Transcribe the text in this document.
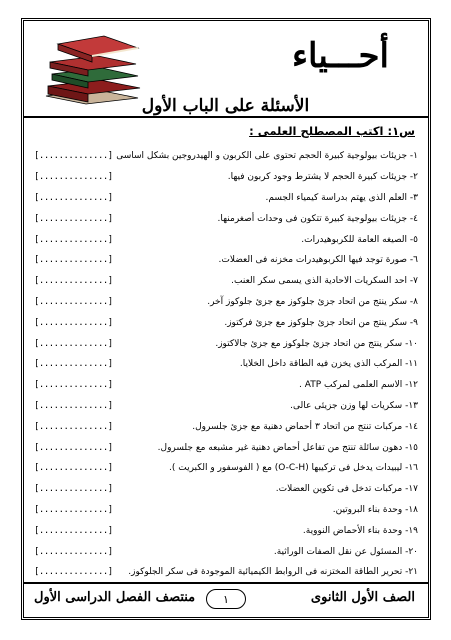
أحـــياء
الأسئلة على الباب الأول
س١: اكتب المصطلح العلمى :
١- جزيئات بيولوجية كبيرة الحجم تحتوى على الكربون و الهيدروجين بشكل اساسى
[..............]
٢- جزيئات كبيرة الحجم لا يشترط وجود كربون فيها.
[..............]
٣- العلم الذى يهتم بدراسة كيمياء الجسم.
[..............]
٤- جزيئات بيولوجية كبيرة تتكون فى وحدات أصغرمنها.
[..............]
٥- الصيغه العامة للكربوهيدرات.
[..............]
٦- صورة توجد فيها الكربوهيدرات مخزنه فى العضلات.
[..............]
٧- احد السكريات الاحادية الذى يسمى سكر العنب.
[..............]
٨- سكر ينتج من اتحاد جزئ جلوكوز مع جزئ جلوكوز آخر.
[..............]
٩- سكر ينتج من اتحاد جزئ جلوكوز مع جزئ فركتوز.
[..............]
١٠- سكر ينتج من اتحاد جزئ جلوكوز مع جزئ جالاكتوز.
[..............]
١١- المركب الذى يخزن فيه الطاقة داخل الخلايا.
[..............]
١٢- الاسم العلمى لمركب ATP .
[..............]
١٣- سكريات لها وزن جزيئى عالى.
[..............]
١٤- مركبات تنتج من اتحاد ٣ أحماض دهنية مع جزئ جلسرول.
[..............]
١٥- دهون سائلة تنتج من تفاعل أحماض دهنية غير مشبعه مع جلسرول.
[..............]
١٦- ليبيدات يدخل فى تركيبها (O-C-H) مع ( الفوسفور و الكبريت ).
[..............]
١٧- مركبات تدخل فى تكوين العضلات.
[..............]
١٨- وحدة بناء البروتين.
[..............]
١٩- وحدة بناء الأحماض النووية.
[..............]
٢٠- المسئول عن نقل الصفات الوراثية.
[..............]
٢١- تحرير الطاقة المختزنه فى الروابط الكيميائية الموجودة فى سكر الجلوكوز.
[..............]
الصف الأول الثانوى
١
منتصف الفصل الدراسى الأول
